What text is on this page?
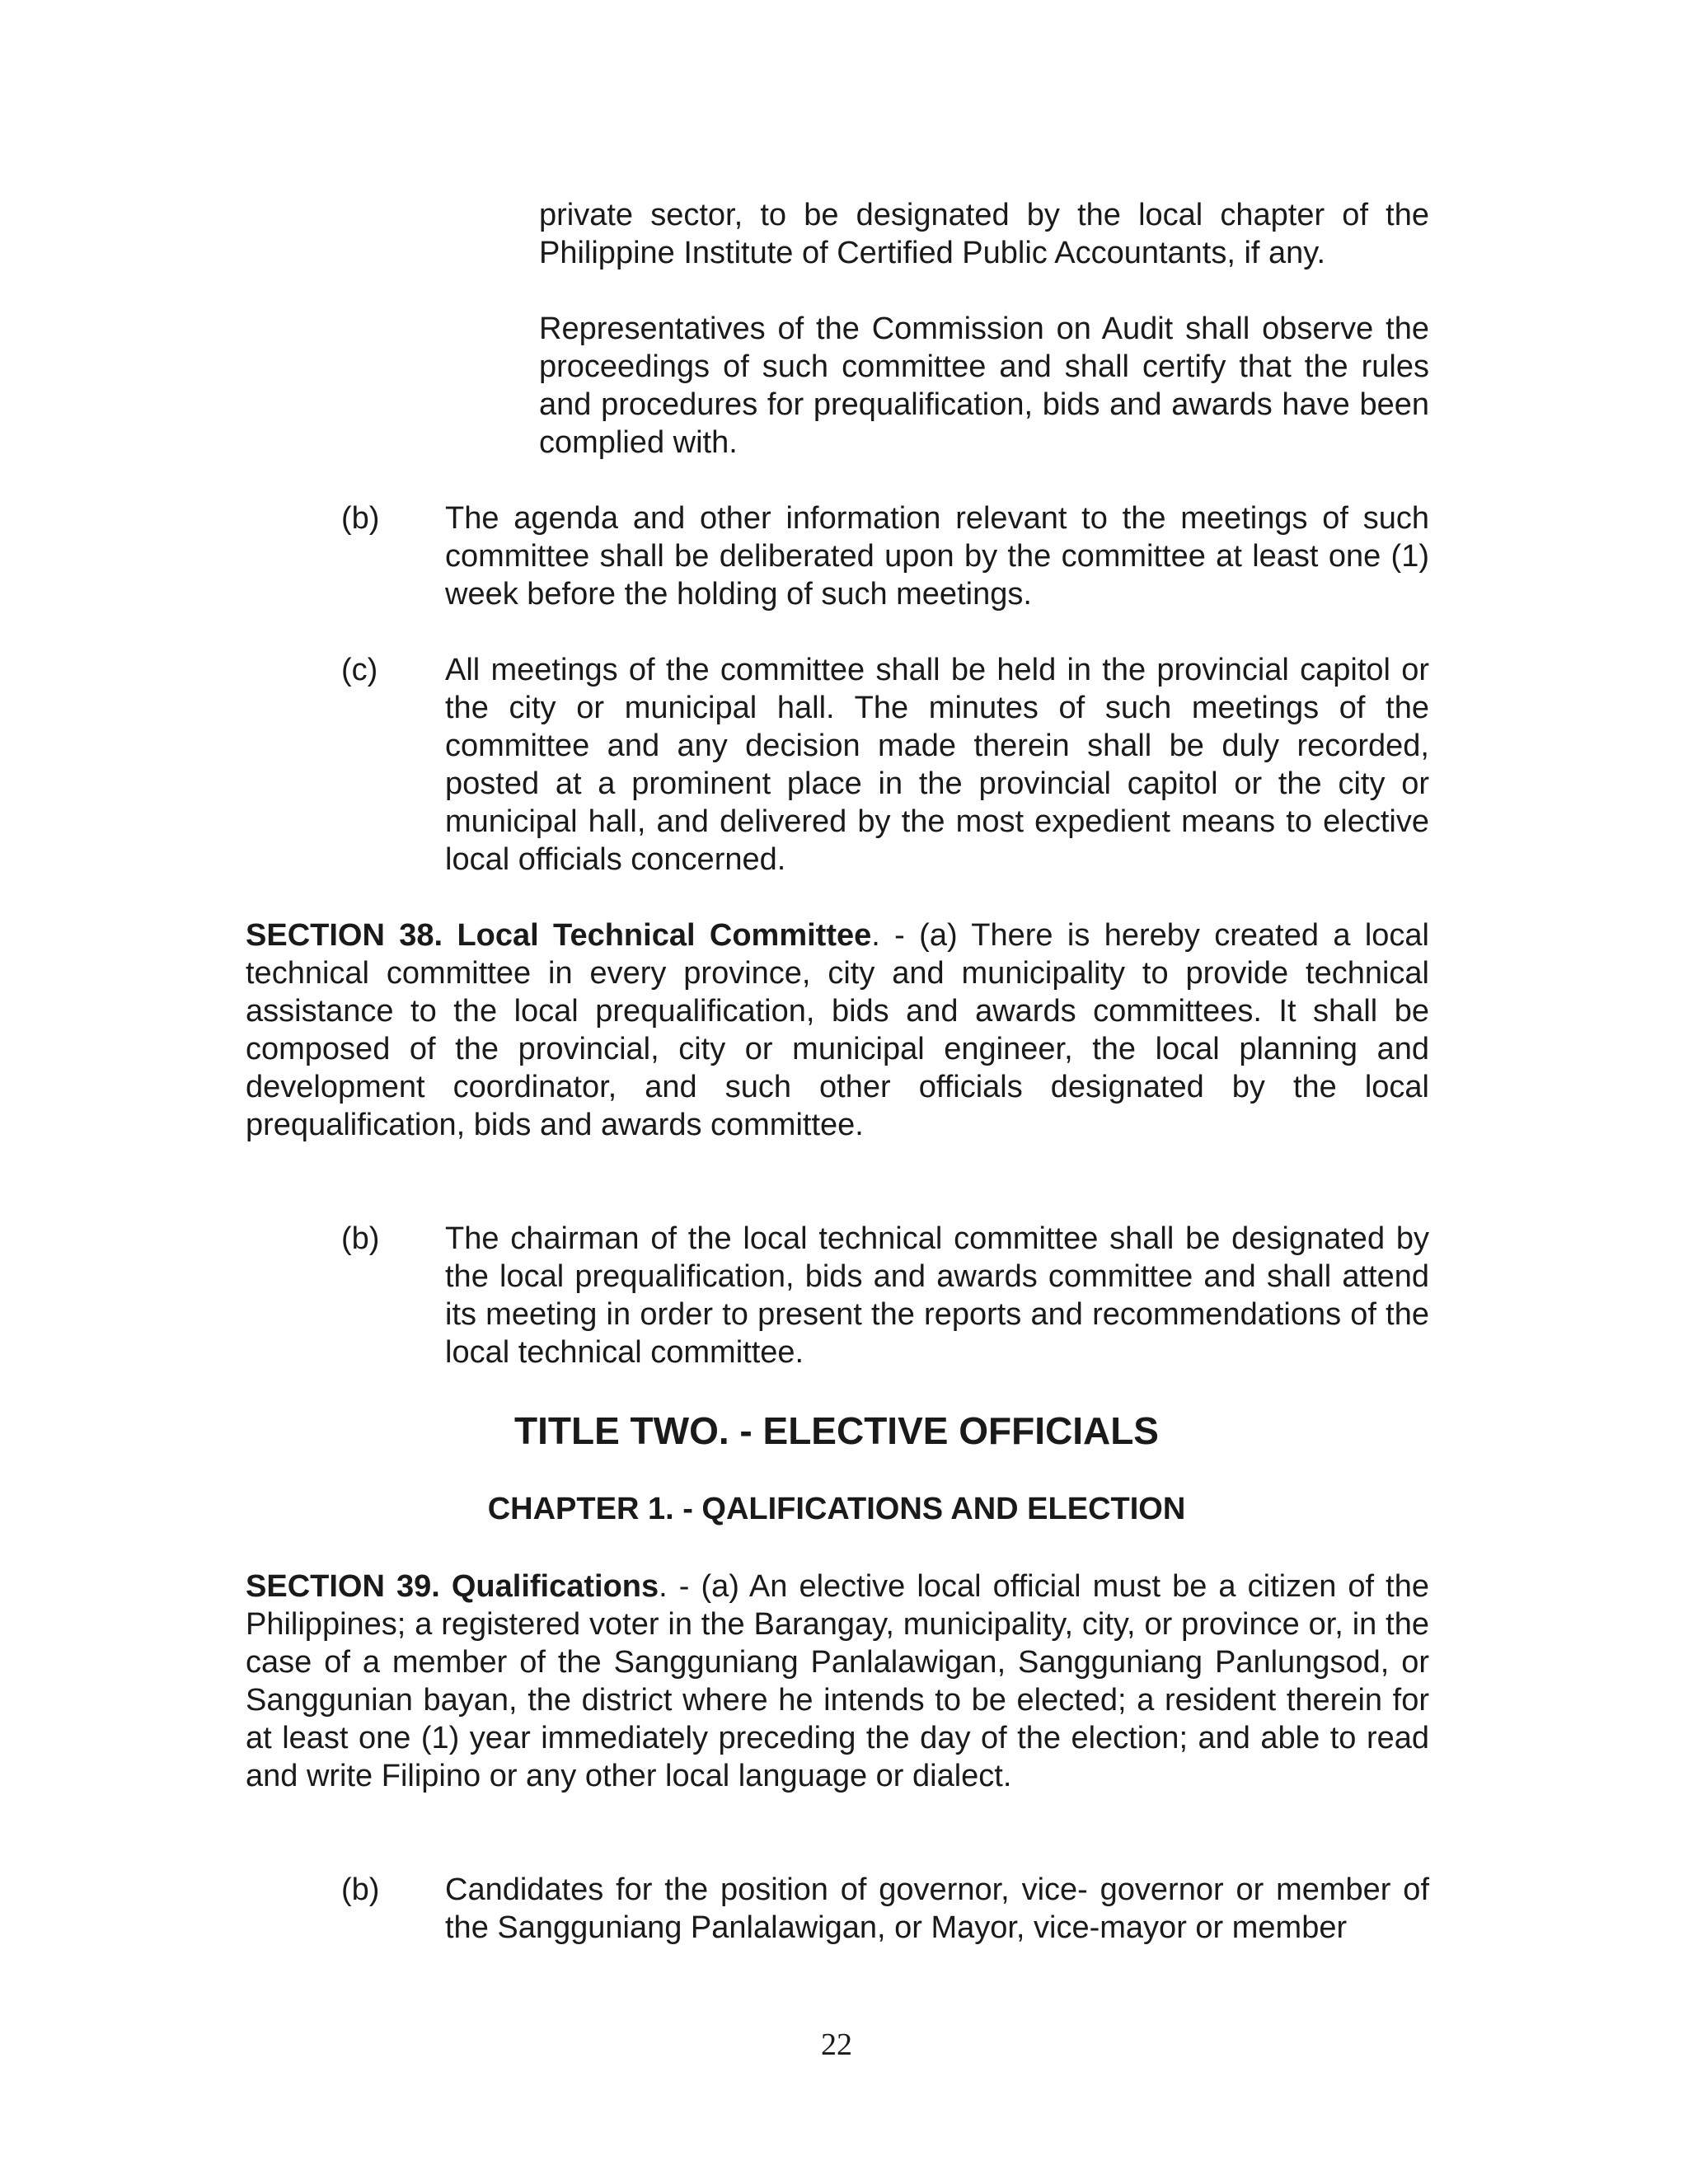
private sector, to be designated by the local chapter of the Philippine Institute of Certified Public Accountants, if any.

Representatives of the Commission on Audit shall observe the proceedings of such committee and shall certify that the rules and procedures for prequalification, bids and awards have been complied with.

(b) The agenda and other information relevant to the meetings of such committee shall be deliberated upon by the committee at least one (1) week before the holding of such meetings.
(c) All meetings of the committee shall be held in the provincial capitol or the city or municipal hall. The minutes of such meetings of the committee and any decision made therein shall be duly recorded, posted at a prominent place in the provincial capitol or the city or municipal hall, and delivered by the most expedient means to elective local officials concerned.
SECTION 38. Local Technical Committee. - (a) There is hereby created a local technical committee in every province, city and municipality to provide technical assistance to the local prequalification, bids and awards committees. It shall be composed of the provincial, city or municipal engineer, the local planning and development coordinator, and such other officials designated by the local prequalification, bids and awards committee.
(b) The chairman of the local technical committee shall be designated by the local prequalification, bids and awards committee and shall attend its meeting in order to present the reports and recommendations of the local technical committee.
TITLE TWO. - ELECTIVE OFFICIALS
CHAPTER 1. - QALIFICATIONS AND ELECTION
SECTION 39. Qualifications. - (a) An elective local official must be a citizen of the Philippines; a registered voter in the Barangay, municipality, city, or province or, in the case of a member of the Sangguniang Panlalawigan, Sangguniang Panlungsod, or Sanggunian bayan, the district where he intends to be elected; a resident therein for at least one (1) year immediately preceding the day of the election; and able to read and write Filipino or any other local language or dialect.
(b) Candidates for the position of governor, vice- governor or member of the Sangguniang Panlalawigan, or Mayor, vice-mayor or member
22
